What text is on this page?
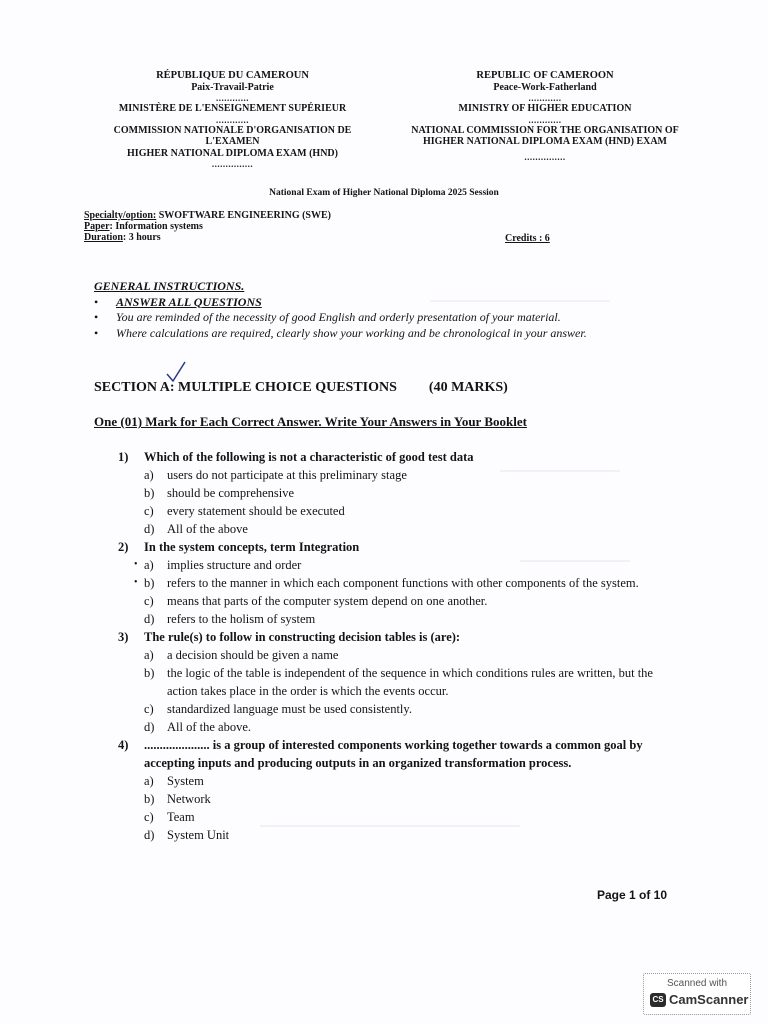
RÉPUBLIQUE DU CAMEROUN
Paix-Travail-Patrie
............
MINISTÈRE DE L'ENSEIGNEMENT SUPÉRIEUR
............
COMMISSION NATIONALE D'ORGANISATION DE
L'EXAMEN
HIGHER NATIONAL DIPLOMA EXAM (HND)
...............
REPUBLIC OF CAMEROON
Peace-Work-Fatherland
............
MINISTRY OF HIGHER EDUCATION
............
NATIONAL COMMISSION FOR THE ORGANISATION OF
HIGHER NATIONAL DIPLOMA EXAM (HND) EXAM
...............
National Exam of Higher National Diploma 2025 Session
Specialty/option: SWOFTWARE ENGINEERING (SWE)
Paper: Information systems
Duration: 3 hours	Credits : 6
GENERAL INSTRUCTIONS.
• ANSWER ALL QUESTIONS
• You are reminded of the necessity of good English and orderly presentation of your material.
• Where calculations are required, clearly show your working and be chronological in your answer.
SECTION A: MULTIPLE CHOICE QUESTIONS (40 MARKS)
One (01) Mark for Each Correct Answer. Write Your Answers in Your Booklet
1)	Which of the following is not a characteristic of good test data
a)	users do not participate at this preliminary stage
b)	should be comprehensive
c)	every statement should be executed
d)	All of the above
2)	In the system concepts, term Integration
• a)	implies structure and order
• b)	refers to the manner in which each component functions with other components of the system.
c)	means that parts of the computer system depend on one another.
d)	refers to the holism of system
3)	The rule(s) to follow in constructing decision tables is (are):
a)	a decision should be given a name
b)	the logic of the table is independent of the sequence in which conditions rules are written, but the action takes place in the order is which the events occur.
c)	standardized language must be used consistently.
d)	All of the above.
4)	..................... is a group of interested components working together towards a common goal by accepting inputs and producing outputs in an organized transformation process.
a)	System
b)	Network
c)	Team
d)	System Unit
Page 1 of 10
Scanned with
CS CamScanner
